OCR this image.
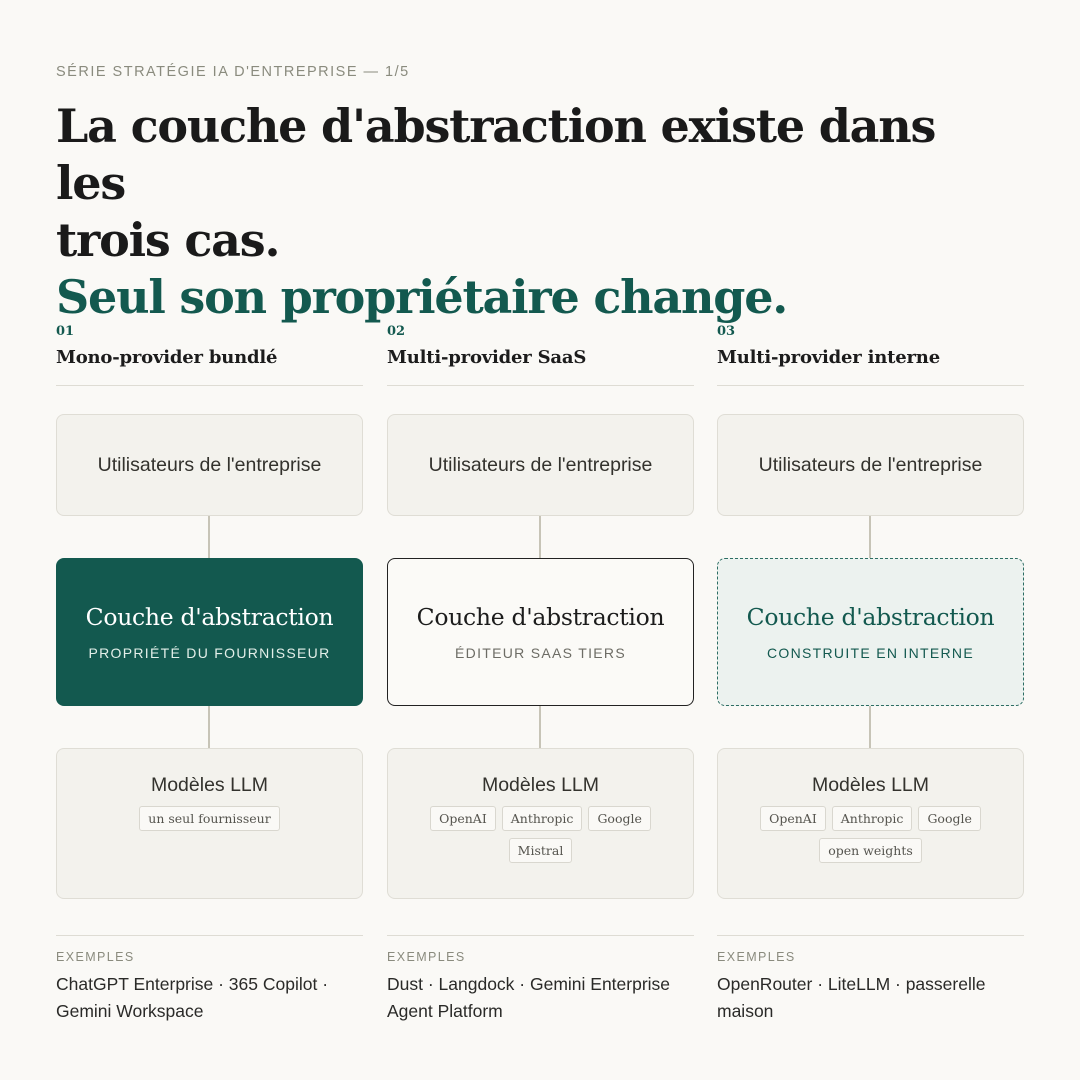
SÉRIE STRATÉGIE IA D'ENTREPRISE — 1/5
La couche d'abstraction existe dans les
trois cas.
Seul son propriétaire change.
01
Mono-provider bundlé
Utilisateurs de l'entreprise
Couche d'abstraction
PROPRIÉTÉ DU FOURNISSEUR
Modèles LLM
un seul fournisseur
EXEMPLES
ChatGPT Enterprise · 365 Copilot · Gemini Workspace
02
Multi-provider SaaS
Utilisateurs de l'entreprise
Couche d'abstraction
ÉDITEUR SAAS TIERS
Modèles LLM
OpenAI	Anthropic	Google
Mistral
EXEMPLES
Dust · Langdock · Gemini Enterprise Agent Platform
03
Multi-provider interne
Utilisateurs de l'entreprise
Couche d'abstraction
CONSTRUITE EN INTERNE
Modèles LLM
OpenAI	Anthropic	Google
open weights
EXEMPLES
OpenRouter · LiteLLM · passerelle maison
